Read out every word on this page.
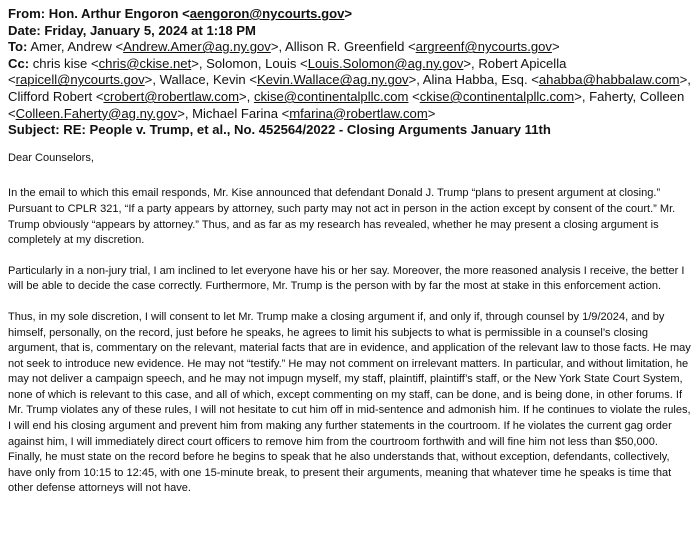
From: Hon. Arthur Engoron <aengoron@nycourts.gov>
Date: Friday, January 5, 2024 at 1:18 PM
To: Amer, Andrew <Andrew.Amer@ag.ny.gov>, Allison R. Greenfield <argreenf@nycourts.gov>
Cc: chris kise <chris@ckise.net>, Solomon, Louis <Louis.Solomon@ag.ny.gov>, Robert Apicella <rapicell@nycourts.gov>, Wallace, Kevin <Kevin.Wallace@ag.ny.gov>, Alina Habba, Esq. <ahabba@habbalaw.com>, Clifford Robert <crobert@robertlaw.com>, ckise@continentalpllc.com <ckise@continentalpllc.com>, Faherty, Colleen <Colleen.Faherty@ag.ny.gov>, Michael Farina <mfarina@robertlaw.com>
Subject: RE: People v. Trump, et al., No. 452564/2022 - Closing Arguments January 11th

Dear Counselors,

In the email to which this email responds, Mr. Kise announced that defendant Donald J. Trump “plans to present argument at closing.” Pursuant to CPLR 321, “If a party appears by attorney, such party may not act in person in the action except by consent of the court.” Mr. Trump obviously “appears by attorney.” Thus, and as far as my research has revealed, whether he may present a closing argument is completely at my discretion.

Particularly in a non-jury trial, I am inclined to let everyone have his or her say. Moreover, the more reasoned analysis I receive, the better I will be able to decide the case correctly. Furthermore, Mr. Trump is the person with by far the most at stake in this enforcement action.

Thus, in my sole discretion, I will consent to let Mr. Trump make a closing argument if, and only if, through counsel by 1/9/2024, and by himself, personally, on the record, just before he speaks, he agrees to limit his subjects to what is permissible in a counsel’s closing argument, that is, commentary on the relevant, material facts that are in evidence, and application of the relevant law to those facts. He may not seek to introduce new evidence. He may not “testify.” He may not comment on irrelevant matters. In particular, and without limitation, he may not deliver a campaign speech, and he may not impugn myself, my staff, plaintiff, plaintiff’s staff, or the New York State Court System, none of which is relevant to this case, and all of which, except commenting on my staff, can be done, and is being done, in other forums. If Mr. Trump violates any of these rules, I will not hesitate to cut him off in mid-sentence and admonish him. If he continues to violate the rules, I will end his closing argument and prevent him from making any further statements in the courtroom. If he violates the current gag order against him, I will immediately direct court officers to remove him from the courtroom forthwith and will fine him not less than $50,000. Finally, he must state on the record before he begins to speak that he also understands that, without exception, defendants, collectively, have only from 10:15 to 12:45, with one 15-minute break, to present their arguments, meaning that whatever time he speaks is time that other defense attorneys will not have.
